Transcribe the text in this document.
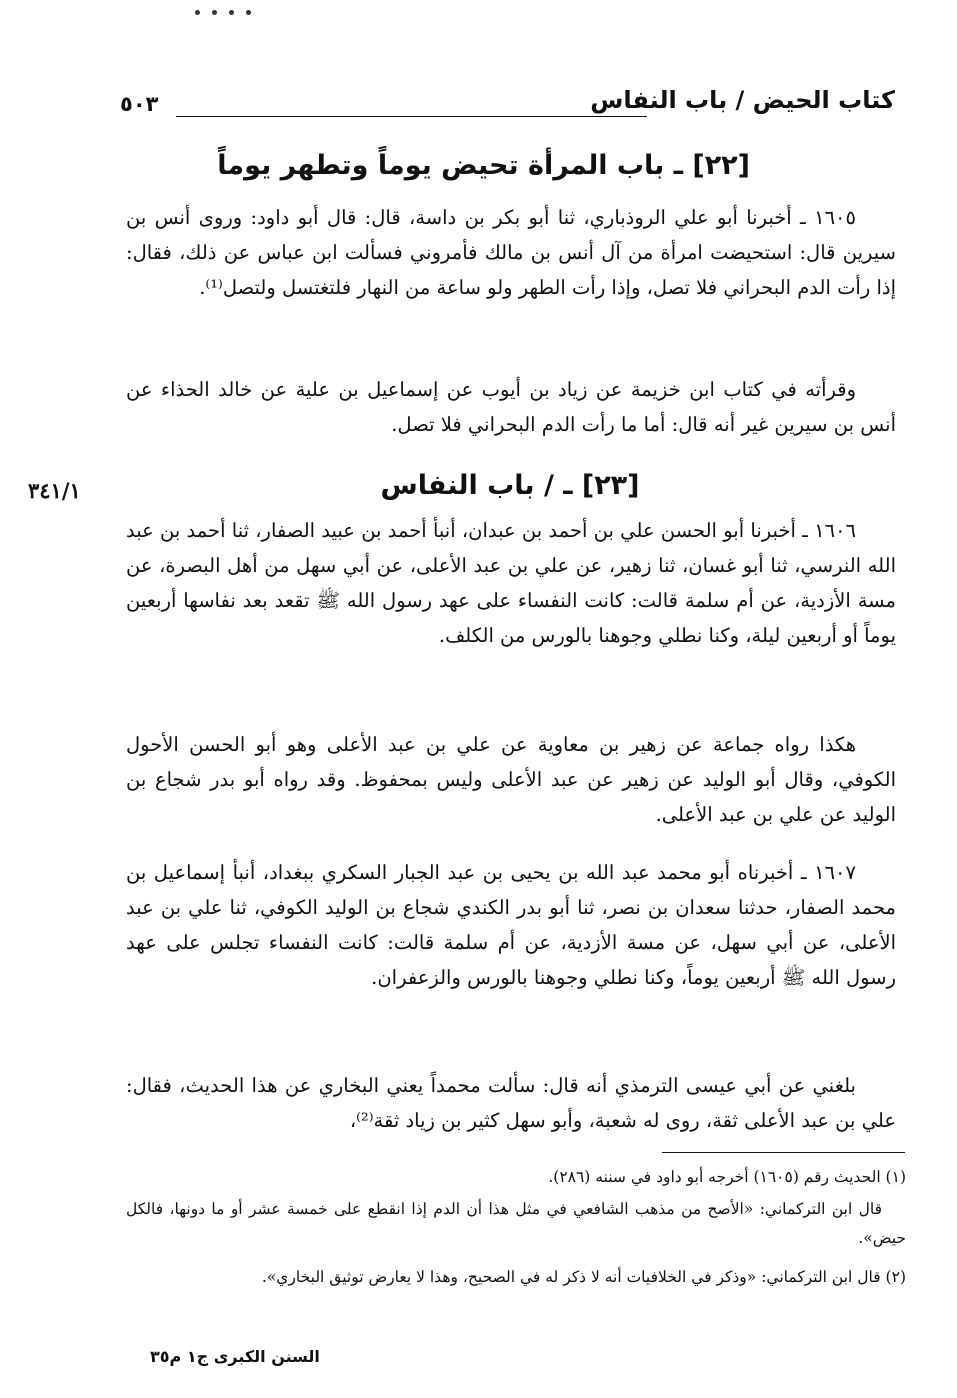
كتاب الحيض / باب النفاس
٥٠٣
[٢٢] ـ باب المرأة تحيض يوماً وتطهر يوماً
١٦٠٥ ـ أخبرنا أبو علي الروذباري، ثنا أبو بكر بن داسة، قال: قال أبو داود: وروى أنس بن سيرين قال: استحيضت امرأة من آل أنس بن مالك فأمروني فسألت ابن عباس عن ذلك، فقال: إذا رأت الدم البحراني فلا تصل، وإذا رأت الطهر ولو ساعة من النهار فلتغتسل ولتصل⁽¹⁾.
وقرأته في كتاب ابن خزيمة عن زياد بن أيوب عن إسماعيل بن علية عن خالد الحذاء عن أنس بن سيرين غير أنه قال: أما ما رأت الدم البحراني فلا تصل.
٣٤١/١	[٢٣] ـ / باب النفاس
١٦٠٦ ـ أخبرنا أبو الحسن علي بن أحمد بن عبدان، أنبأ أحمد بن عبيد الصفار، ثنا أحمد بن عبد الله النرسي، ثنا أبو غسان، ثنا زهير، عن علي بن عبد الأعلى، عن أبي سهل من أهل البصرة، عن مسة الأزدية، عن أم سلمة قالت: كانت النفساء على عهد رسول الله ﷺ تقعد بعد نفاسها أربعين يوماً أو أربعين ليلة، وكنا نطلي وجوهنا بالورس من الكلف.
هكذا رواه جماعة عن زهير بن معاوية عن علي بن عبد الأعلى وهو أبو الحسن الأحول الكوفي، وقال أبو الوليد عن زهير عن عبد الأعلى وليس بمحفوظ. وقد رواه أبو بدر شجاع بن الوليد عن علي بن عبد الأعلى.
١٦٠٧ ـ أخبرناه أبو محمد عبد الله بن يحيى بن عبد الجبار السكري ببغداد، أنبأ إسماعيل بن محمد الصفار، حدثنا سعدان بن نصر، ثنا أبو بدر الكندي شجاع بن الوليد الكوفي، ثنا علي بن عبد الأعلى، عن أبي سهل، عن مسة الأزدية، عن أم سلمة قالت: كانت النفساء تجلس على عهد رسول الله ﷺ أربعين يوماً، وكنا نطلي وجوهنا بالورس والزعفران.
بلغني عن أبي عيسى الترمذي أنه قال: سألت محمداً يعني البخاري عن هذا الحديث، فقال: علي بن عبد الأعلى ثقة، روى له شعبة، وأبو سهل كثير بن زياد ثقة⁽²⁾،
(١) الحديث رقم (١٦٠٥) أخرجه أبو داود في سننه (٢٨٦).
قال ابن التركماني: «الأصح من مذهب الشافعي في مثل هذا أن الدم إذا انقطع على خمسة عشر أو ما دونها، فالكل حيض».
(٢) قال ابن التركماني: «وذكر في الخلافيات أنه لا ذكر له في الصحيح، وهذا لا يعارض توثيق البخاري».
السنن الكبرى ج١ م٣٥
